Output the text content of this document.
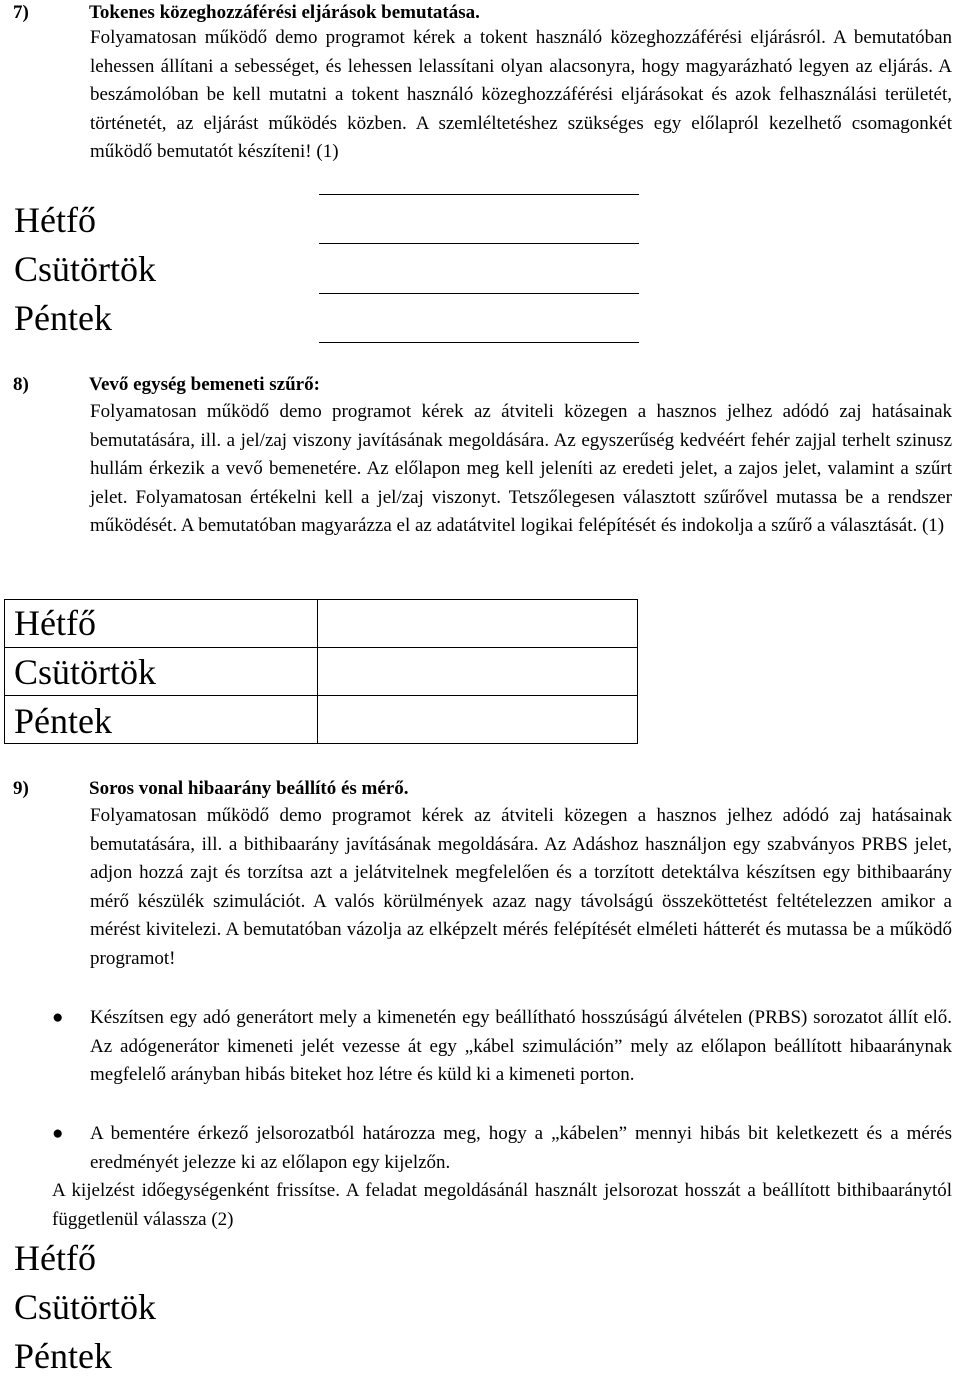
7)	Tokenes közeghozzáférési eljárások bemutatása.
Folyamatosan működő demo programot kérek a tokent használó közeghozzáférési eljárásról. A bemutatóban lehessen állítani a sebességet, és lehessen lelassítani olyan alacsonyra, hogy magyarázható legyen az eljárás. A beszámolóban be kell mutatni a tokent használó közeghozzáférési eljárásokat és azok felhasználási területét, történetét, az eljárást működés közben. A szemléltetéshez szükséges egy előlapról kezelhető csomagonkét működő bemutatót készíteni! (1)
Hétfő
Csütörtök
Péntek
8)	Vevő egység bemeneti szűrő:
Folyamatosan működő demo programot kérek az átviteli közegen a hasznos jelhez adódó zaj hatásainak bemutatására, ill. a jel/zaj viszony javításának megoldására. Az egyszerűség kedvéért fehér zajjal terhelt szinusz hullám érkezik a vevő bemenetére. Az előlapon meg kell jeleníti az eredeti jelet, a zajos jelet, valamint a szűrt jelet. Folyamatosan értékelni kell a jel/zaj viszonyt. Tetszőlegesen választott szűrővel mutassa be a rendszer működését. A bemutatóban magyarázza el az adatátvitel logikai felépítését és indokolja a szűrő a választását. (1)
Hétfő
Csütörtök
Péntek
9)	Soros vonal hibaarány beállító és mérő.
Folyamatosan működő demo programot kérek az átviteli közegen a hasznos jelhez adódó zaj hatásainak bemutatására, ill. a bithibaarány javításának megoldására. Az Adáshoz használjon egy szabványos PRBS jelet, adjon hozzá zajt és torzítsa azt a jelátvitelnek megfelelően és a torzított detektálva készítsen egy bithibaarány mérő készülék szimulációt. A valós körülmények azaz nagy távolságú összeköttetést feltételezzen amikor a mérést kivitelezi. A bemutatóban vázolja az elképzelt mérés felépítését elméleti hátterét és mutassa be a működő programot!
● Készítsen egy adó generátort mely a kimenetén egy beállítható hosszúságú álvételen (PRBS) sorozatot állít elő. Az adógenerátor kimeneti jelét vezesse át egy „kábel szimuláción” mely az előlapon beállított hibaaránynak megfelelő arányban hibás biteket hoz létre és küld ki a kimeneti porton.
● A bementére érkező jelsorozatból határozza meg, hogy a „kábelen” mennyi hibás bit keletkezett és a mérés eredményét jelezze ki az előlapon egy kijelzőn.
A kijelzést időegységenként frissítse. A feladat megoldásánál használt jelsorozat hosszát a beállított bithibaaránytól függetlenül válassza (2)
Hétfő
Csütörtök
Péntek
